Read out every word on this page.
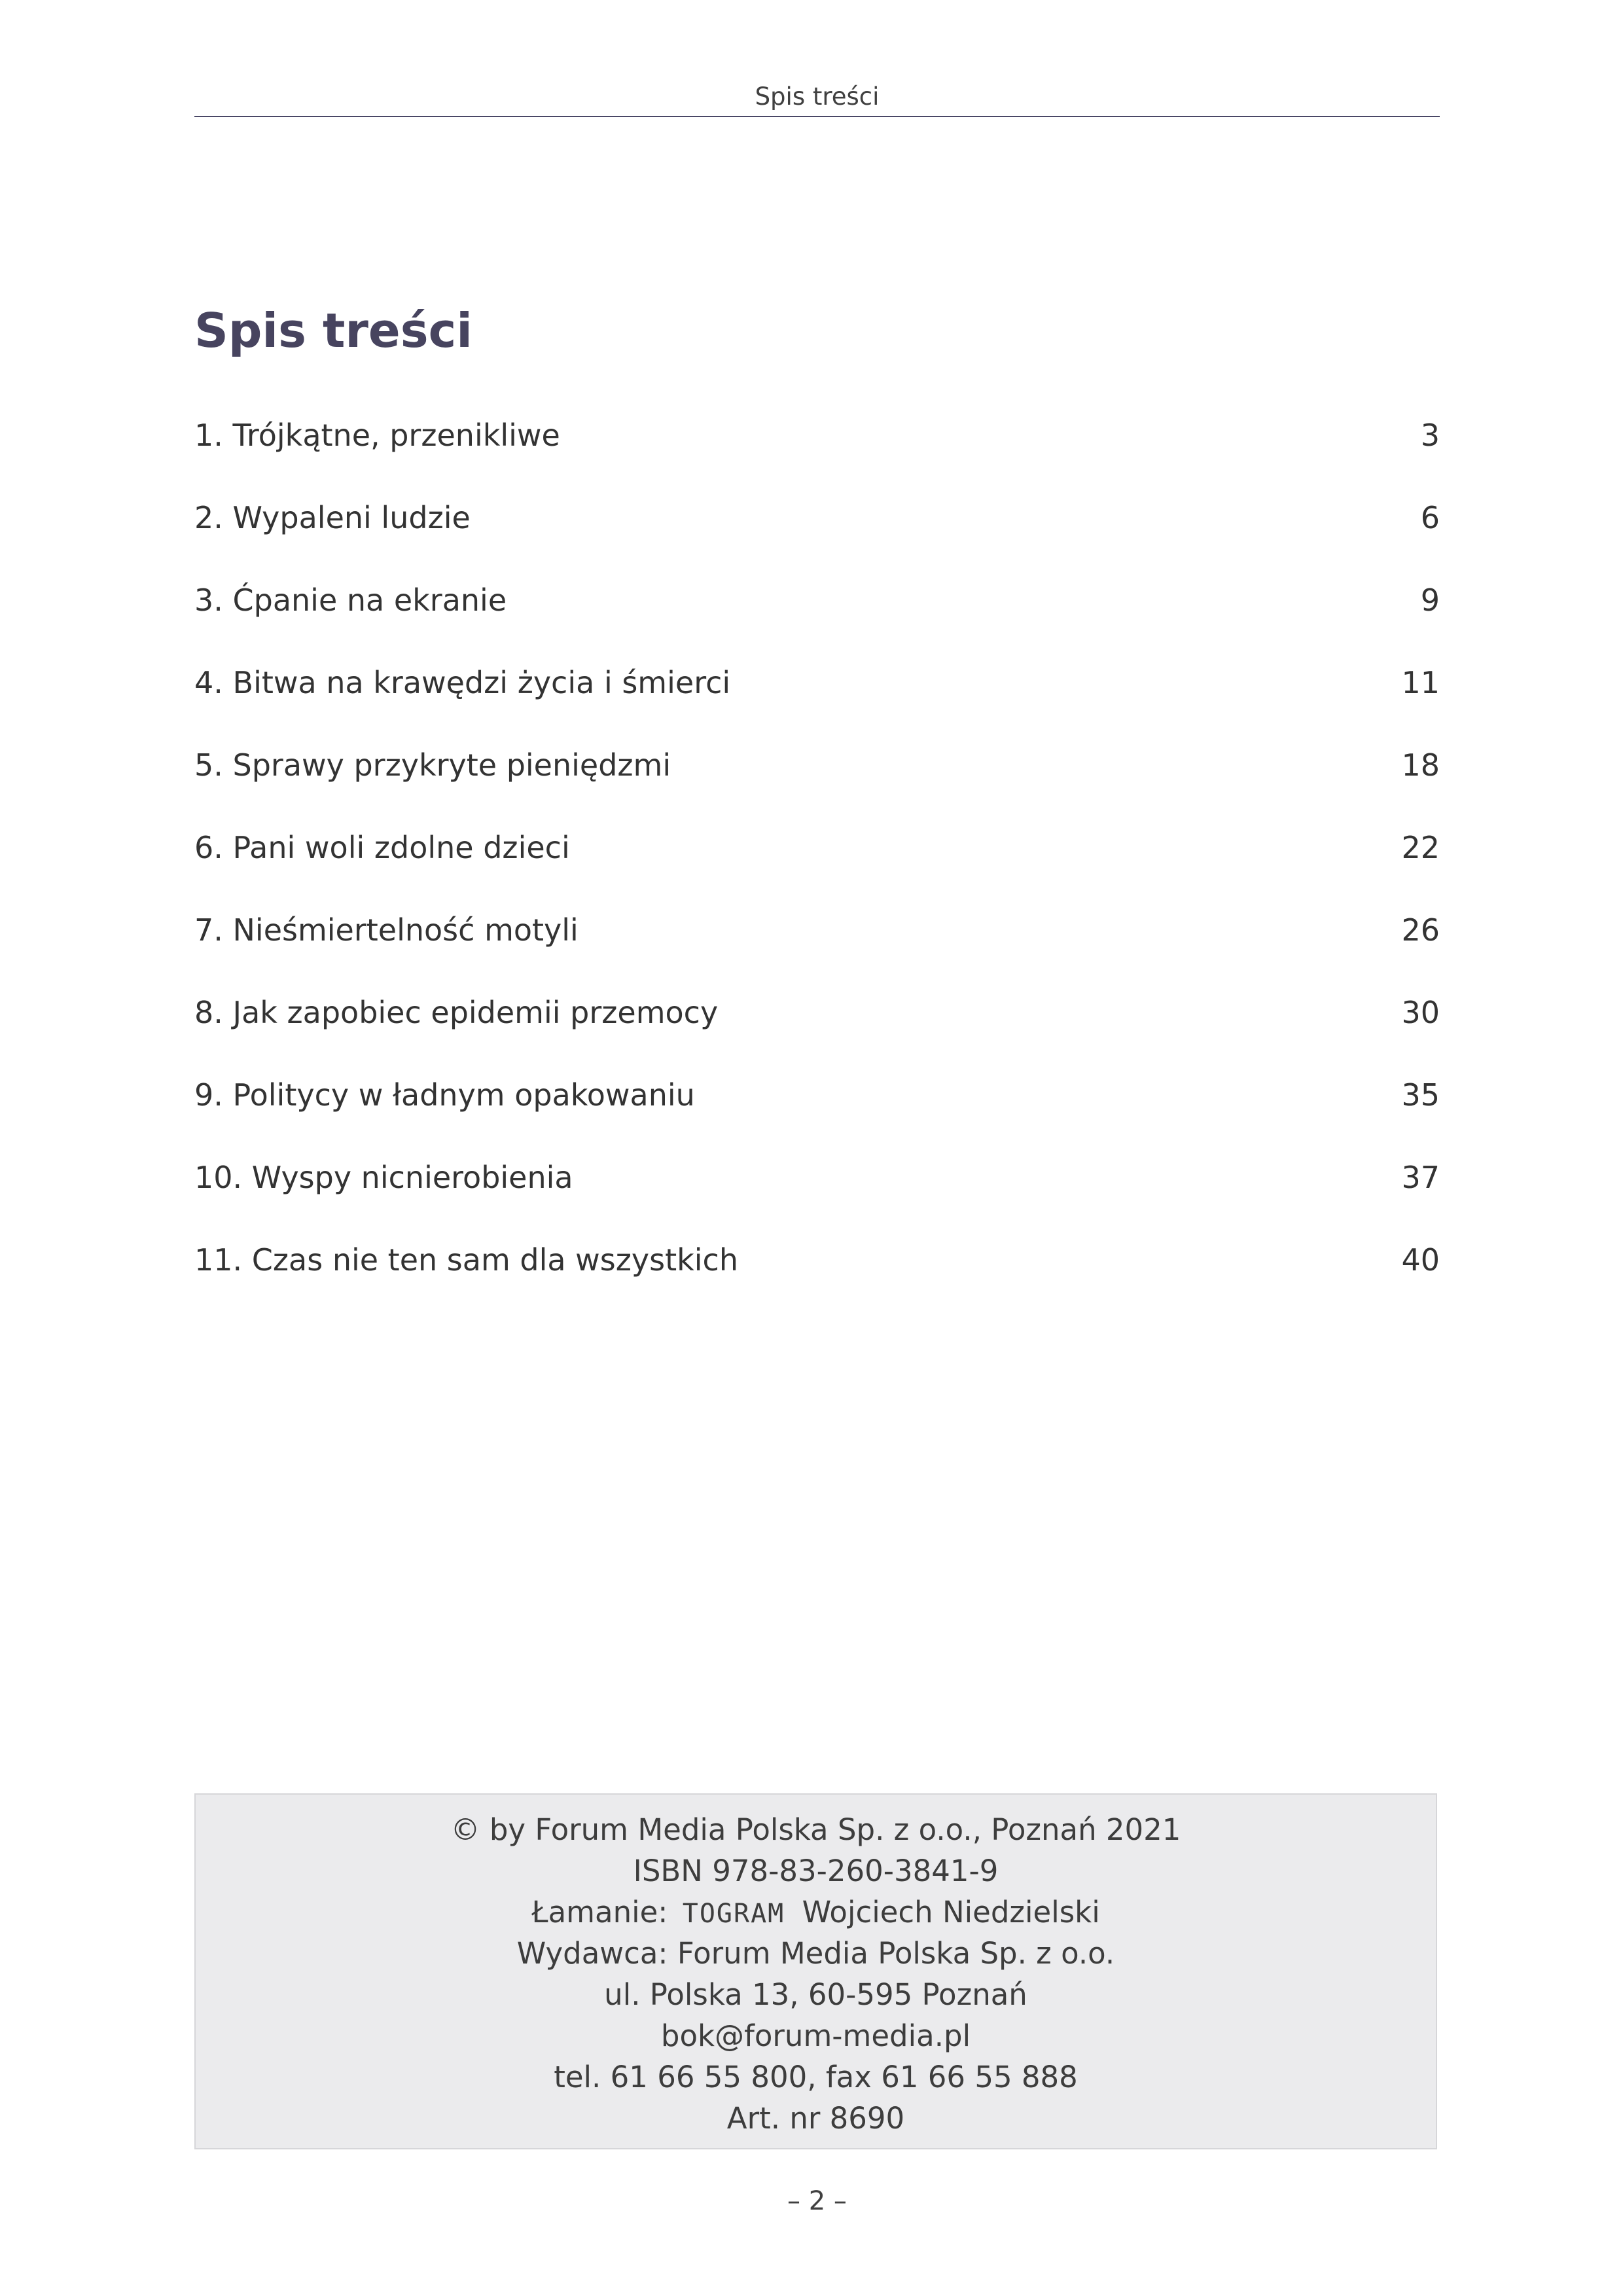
Spis treści
Spis treści
1. Trójkątne, przenikliwe	3
2. Wypaleni ludzie	6
3. Ćpanie na ekranie	9
4. Bitwa na krawędzi życia i śmierci	11
5. Sprawy przykryte pieniędzmi	18
6. Pani woli zdolne dzieci	22
7. Nieśmiertelność motyli	26
8. Jak zapobiec epidemii przemocy	30
9. Politycy w ładnym opakowaniu	35
10. Wyspy nicnierobienia	37
11. Czas nie ten sam dla wszystkich	40
© by Forum Media Polska Sp. z o.o., Poznań 2021
ISBN 978-83-260-3841-9
Łamanie: TOGRAM Wojciech Niedzielski
Wydawca: Forum Media Polska Sp. z o.o.
ul. Polska 13, 60-595 Poznań
bok@forum-media.pl
tel. 61 66 55 800, fax 61 66 55 888
Art. nr 8690
– 2 –
